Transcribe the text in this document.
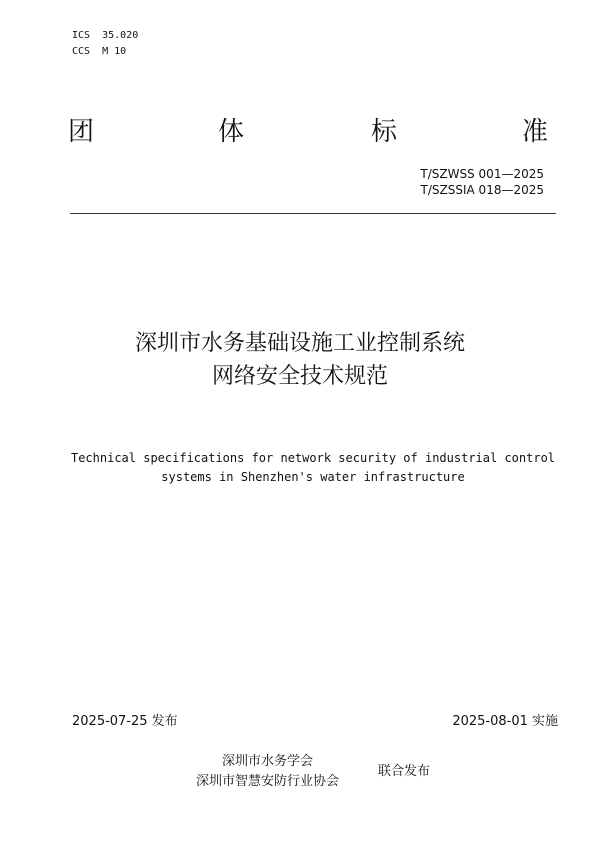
ICS  35.020
CCS  M 10
团	体	标	准
T/SZWSS 001—2025
T/SZSSIA 018—2025
深圳市水务基础设施工业控制系统
网络安全技术规范
Technical specifications for network security of industrial control
systems in Shenzhen's water infrastructure
2025-07-25 发布	2025-08-01 实施
深圳市水务学会
深圳市智慧安防行业协会
联合发布
